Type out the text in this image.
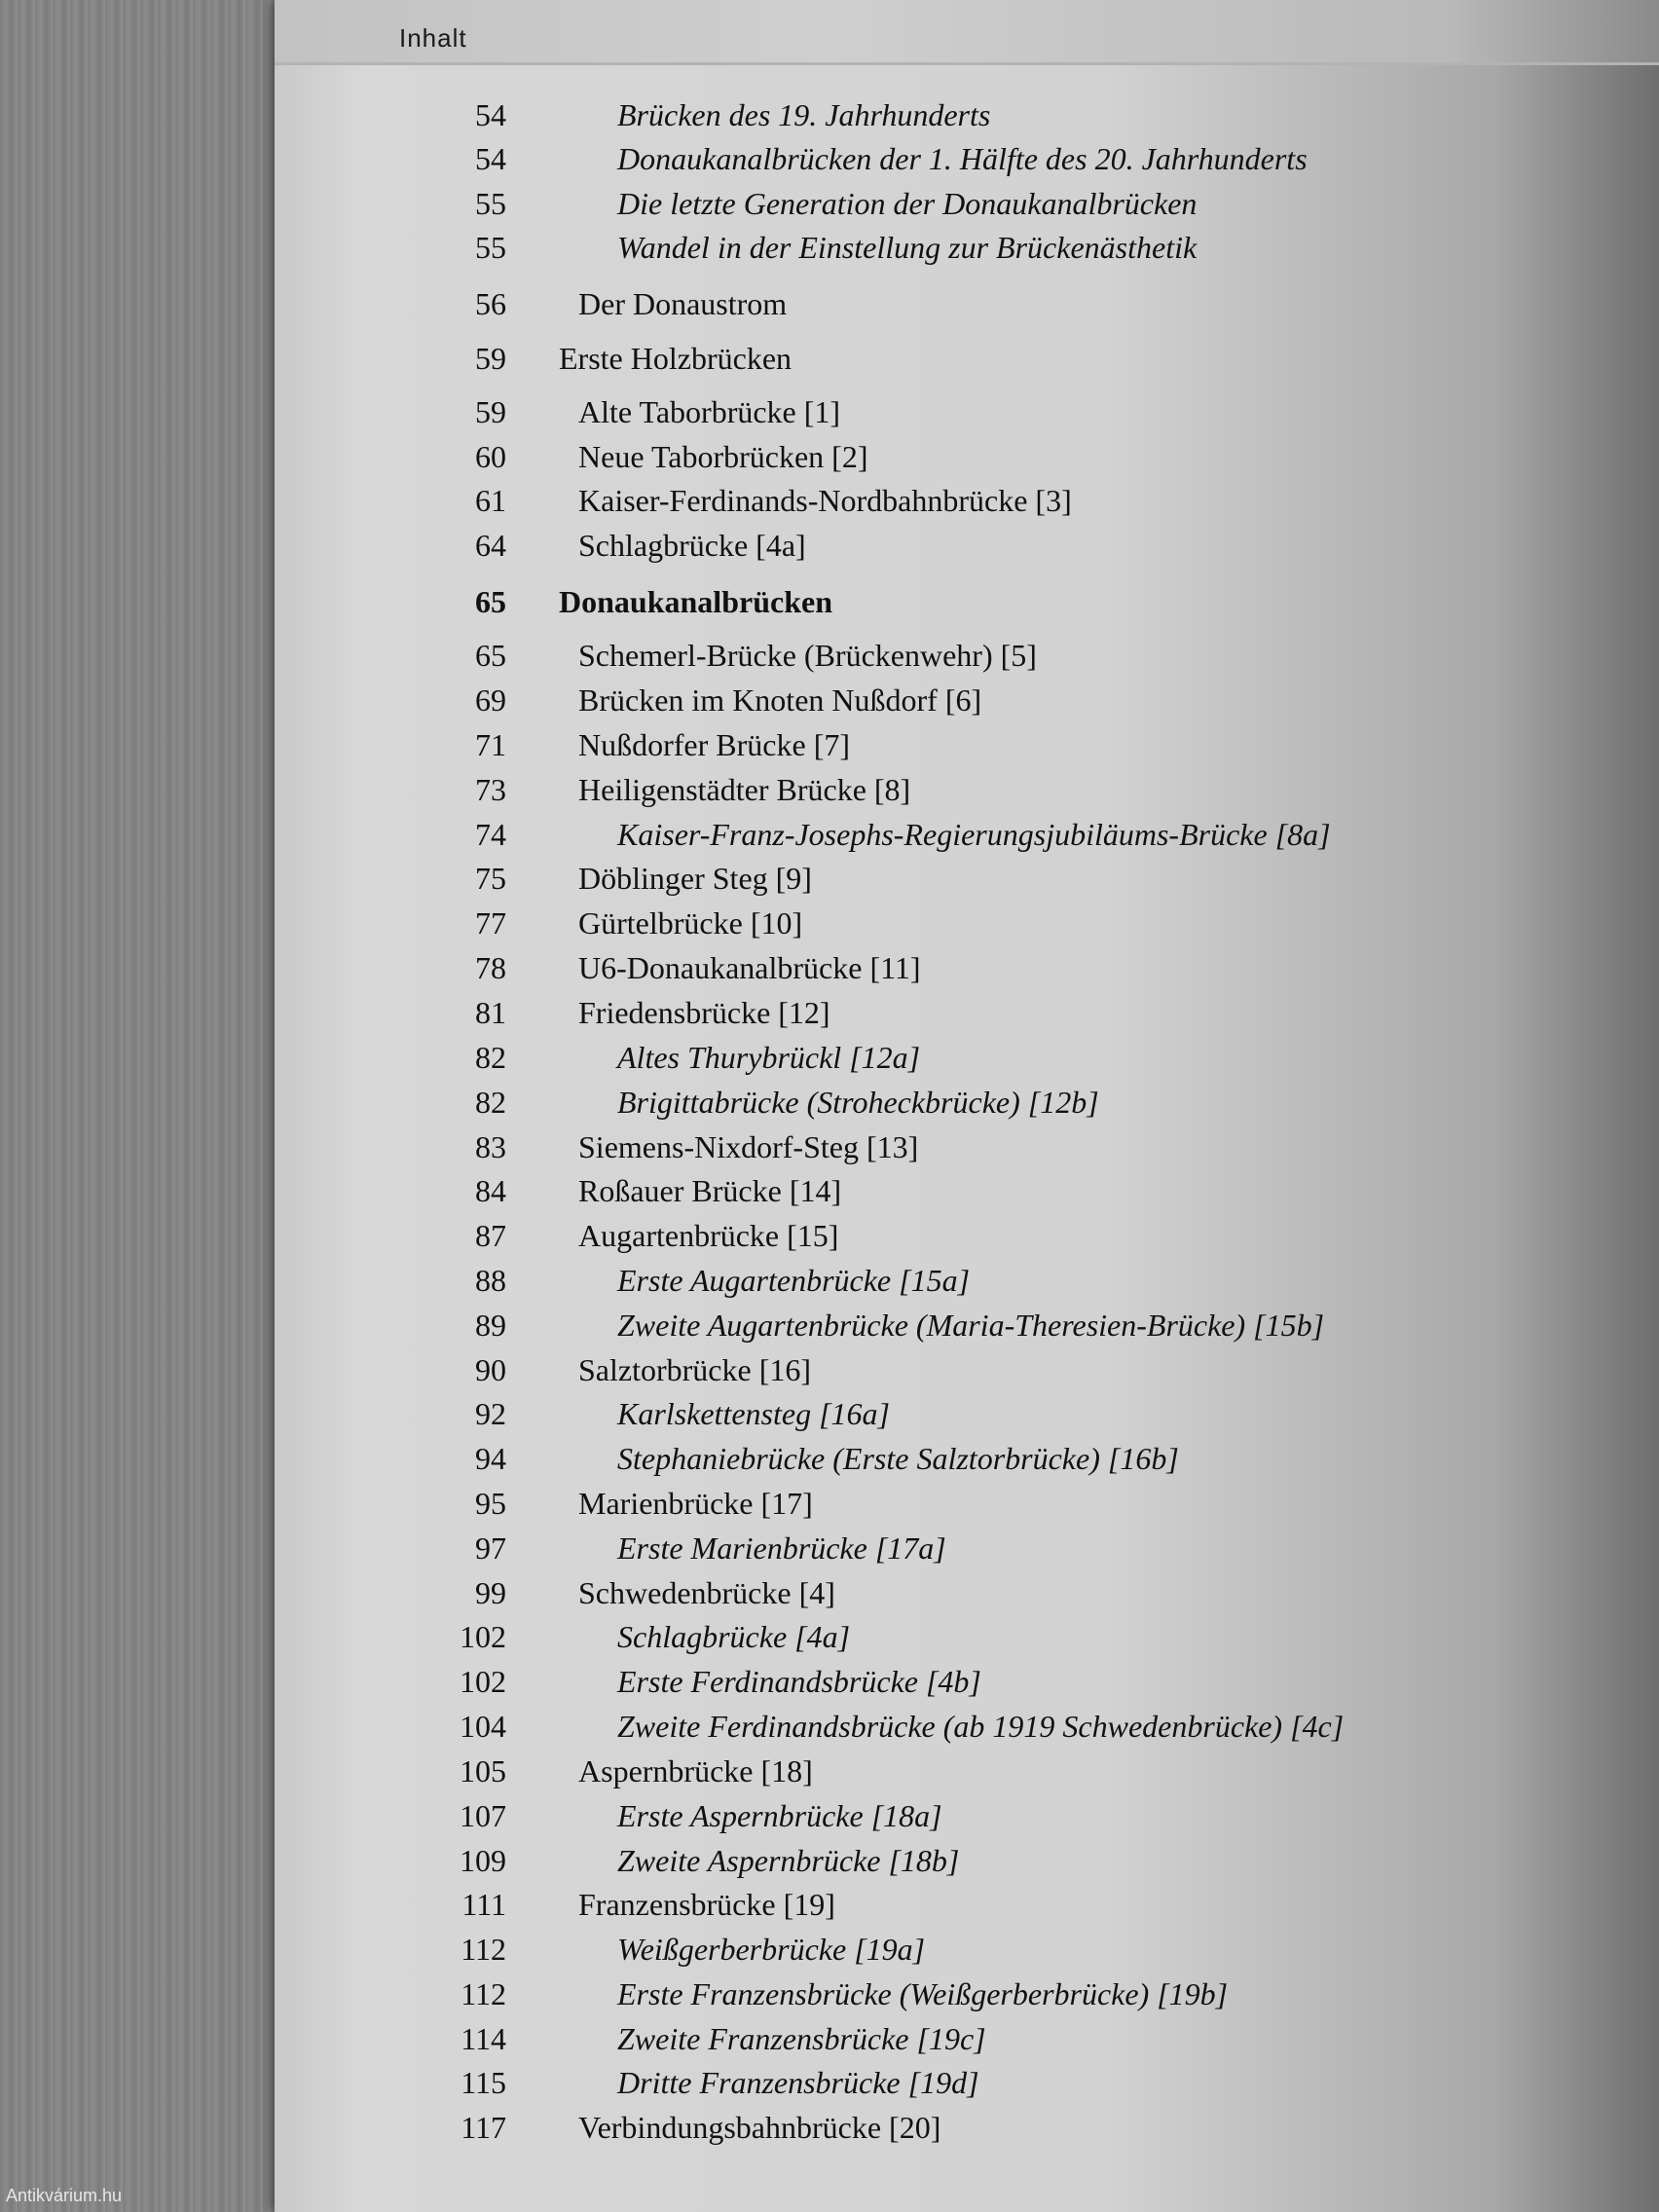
Inhalt
54	Brücken des 19. Jahrhunderts
54	Donaukanalbrücken der 1. Hälfte des 20. Jahrhunderts
55	Die letzte Generation der Donaukanalbrücken
55	Wandel in der Einstellung zur Brückenästhetik
56 Der Donaustrom
59 Erste Holzbrücken
59 Alte Taborbrücke [1]
60 Neue Taborbrücken [2]
61 Kaiser-Ferdinands-Nordbahnbrücke [3]
64 Schlagbrücke [4a]
65 Donaukanalbrücken
65 Schemerl-Brücke (Brückenwehr) [5]
69 Brücken im Knoten Nußdorf [6]
71 Nußdorfer Brücke [7]
73 Heiligenstädter Brücke [8]
74	Kaiser-Franz-Josephs-Regierungsjubiläums-Brücke [8a]
75 Döblinger Steg [9]
77 Gürtelbrücke [10]
78 U6-Donaukanalbrücke [11]
81 Friedensbrücke [12]
82	Altes Thurybrückl [12a]
82	Brigittabrücke (Stroheckbrücke) [12b]
83 Siemens-Nixdorf-Steg [13]
84 Roßauer Brücke [14]
87 Augartenbrücke [15]
88	Erste Augartenbrücke [15a]
89	Zweite Augartenbrücke (Maria-Theresien-Brücke) [15b]
90 Salztorbrücke [16]
92	Karlskettensteg [16a]
94	Stephaniebrücke (Erste Salztorbrücke) [16b]
95 Marienbrücke [17]
97	Erste Marienbrücke [17a]
99 Schwedenbrücke [4]
102	Schlagbrücke [4a]
102	Erste Ferdinandsbrücke [4b]
104	Zweite Ferdinandsbrücke (ab 1919 Schwedenbrücke) [4c]
105 Aspernbrücke [18]
107	Erste Aspernbrücke [18a]
109	Zweite Aspernbrücke [18b]
111 Franzensbrücke [19]
112	Weißgerberbrücke [19a]
112	Erste Franzensbrücke (Weißgerberbrücke) [19b]
114	Zweite Franzensbrücke [19c]
115	Dritte Franzensbrücke [19d]
117 Verbindungsbahnbrücke [20]
Antikvárium.hu
